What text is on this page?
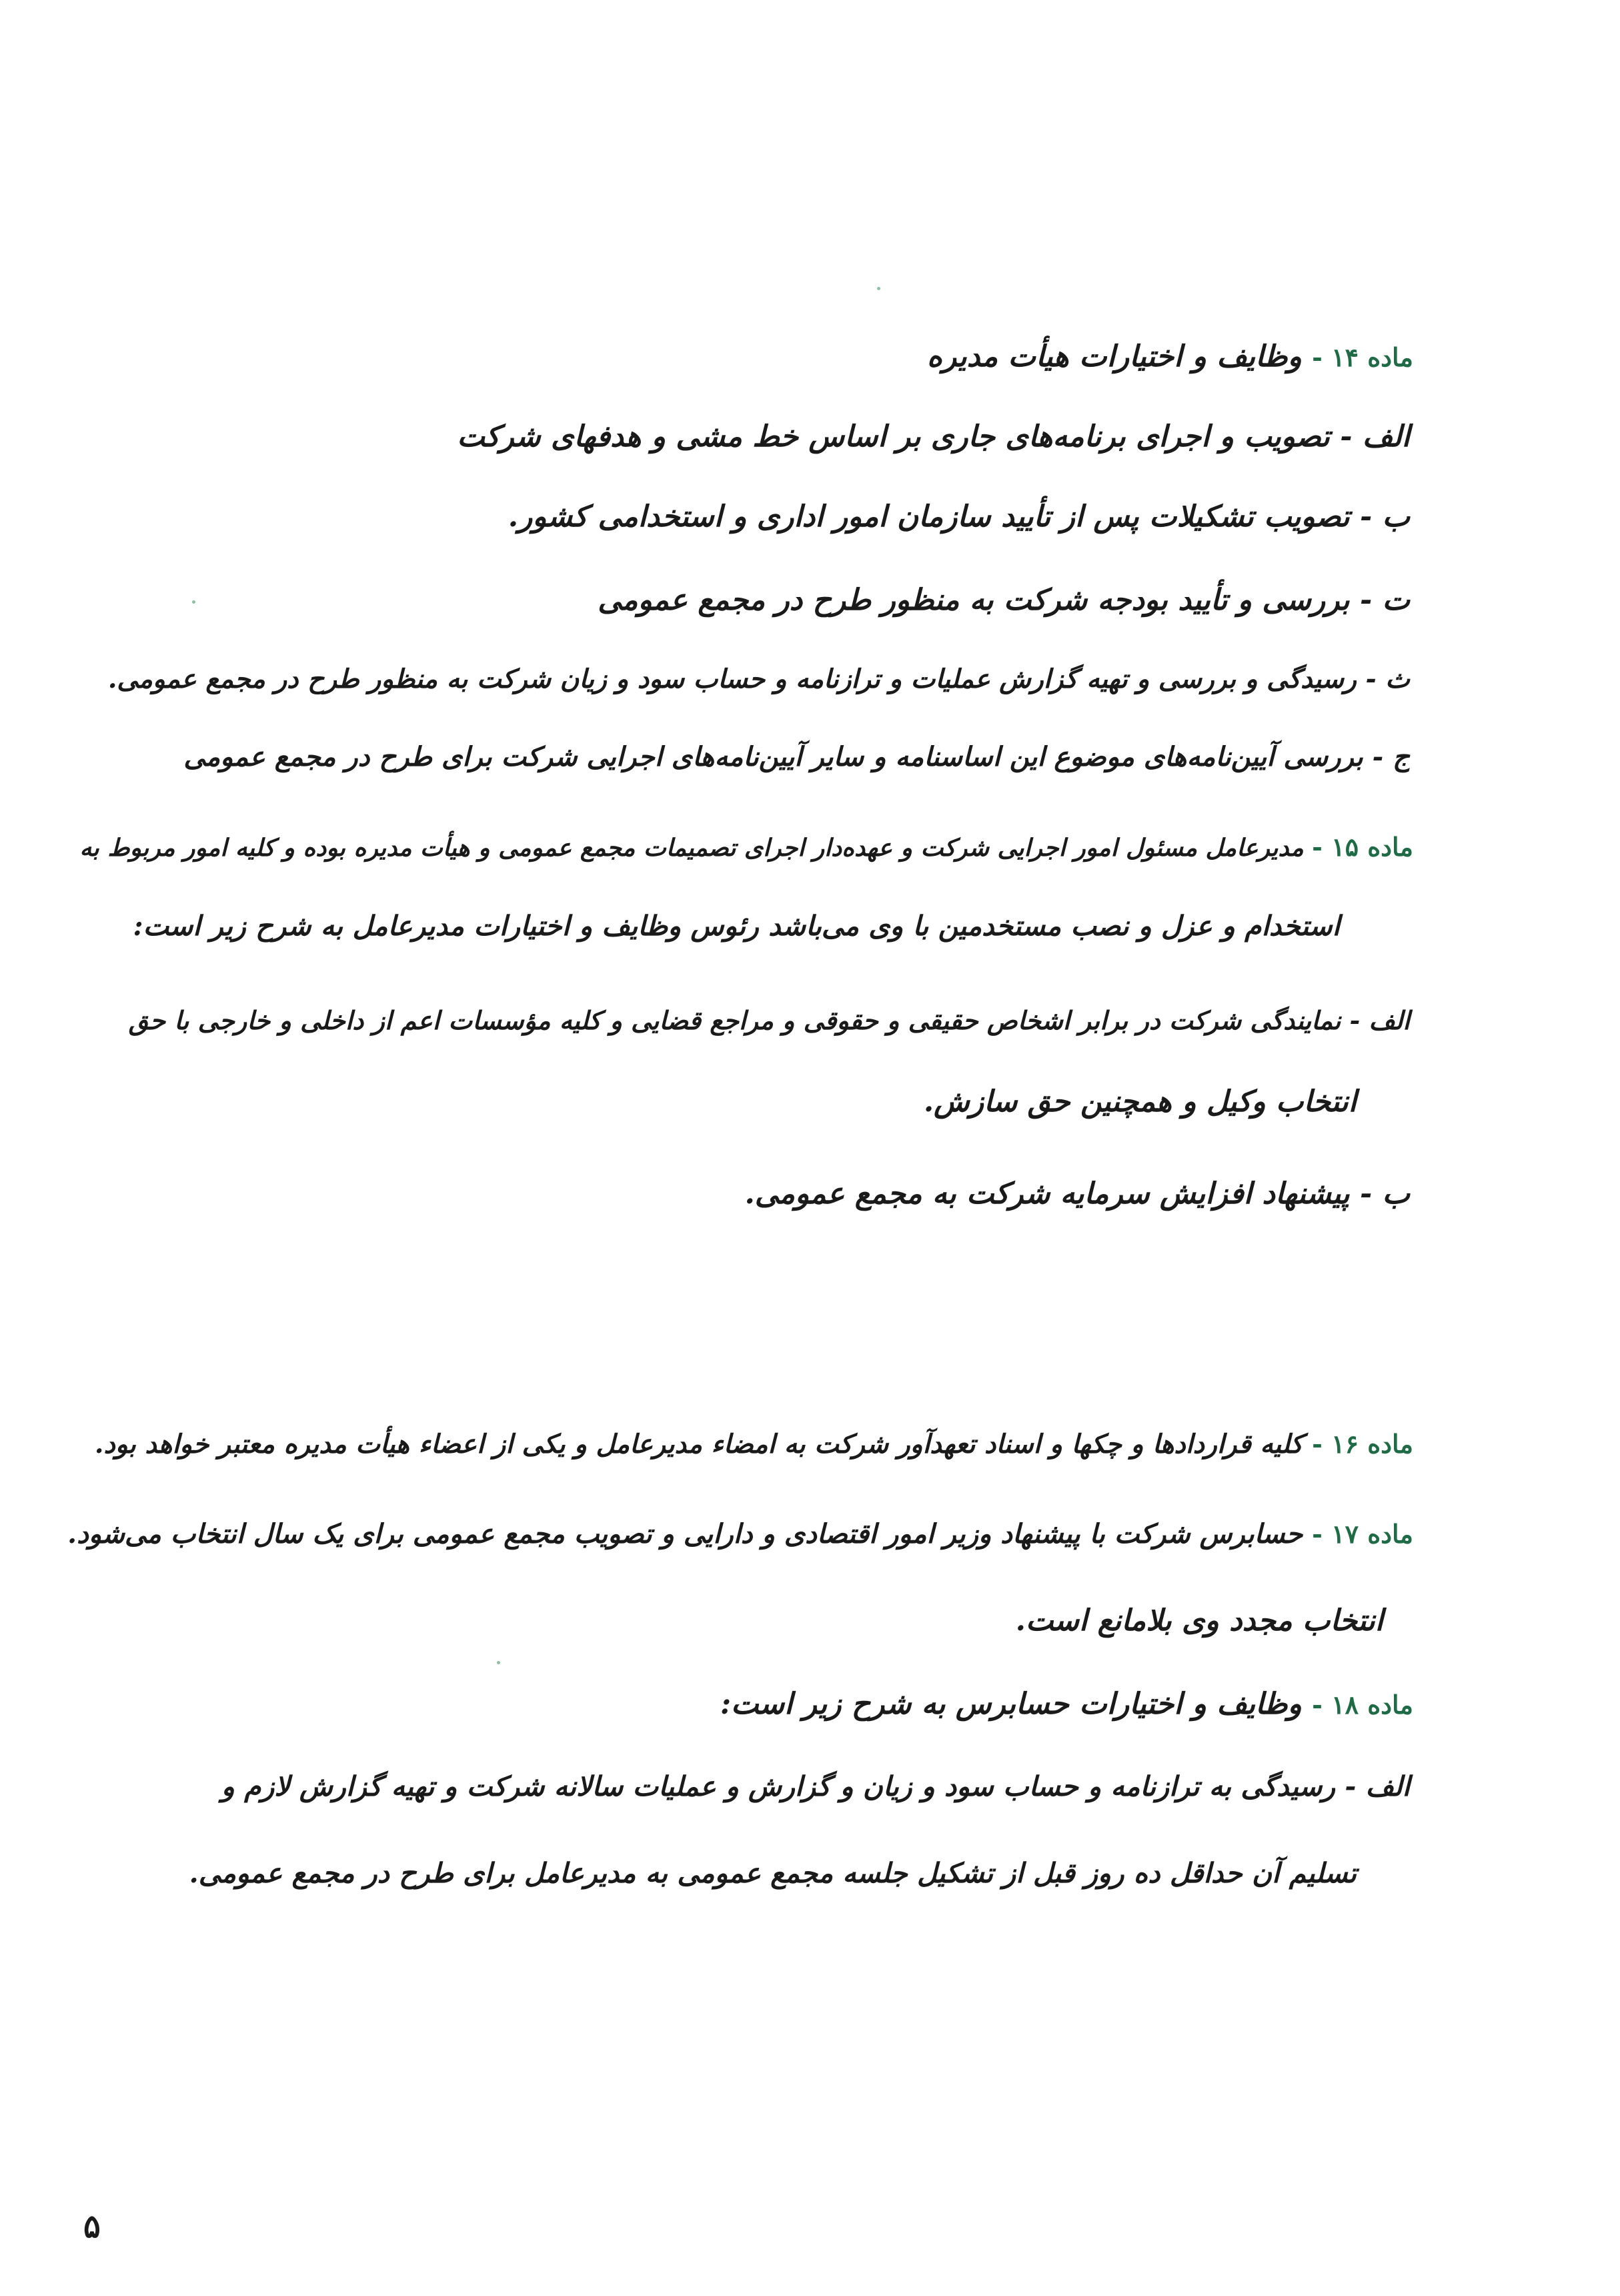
ماده ١۴ - وظایف و اختیارات هیأت مدیره
الف - تصویب و اجرای برنامه‌های جاری بر اساس خط مشی و هدفهای شرکت
ب - تصویب تشکیلات پس از تأیید سازمان امور اداری و استخدامی کشور.
ت - بررسی و تأیید بودجه شرکت به منظور طرح در مجمع عمومی
ث - رسیدگی و بررسی و تهیه گزارش عملیات و ترازنامه و حساب سود و زیان شرکت به منظور طرح در مجمع عمومی.
ج - بررسی آیین‌نامه‌های موضوع این اساسنامه و سایر آیین‌نامه‌های اجرایی شرکت برای طرح در مجمع عمومی
ماده ١۵ - مدیرعامل مسئول امور اجرایی شرکت و عهده‌دار اجرای تصمیمات مجمع عمومی و هیأت مدیره بوده و کلیه امور مربوط به
استخدام و عزل و نصب مستخدمین با وی می‌باشد رئوس وظایف و اختیارات مدیرعامل به شرح زیر است:
الف - نمایندگی شرکت در برابر اشخاص حقیقی و حقوقی و مراجع قضایی و کلیه مؤسسات اعم از داخلی و خارجی با حق
انتخاب وکیل و همچنین حق سازش.
ب - پیشنهاد افزایش سرمایه شرکت به مجمع عمومی.
ماده ١۶ - کلیه قراردادها و چکها و اسناد تعهدآور شرکت به امضاء مدیرعامل و یکی از اعضاء هیأت مدیره معتبر خواهد بود.
ماده ١٧ - حسابرس شرکت با پیشنهاد وزیر امور اقتصادی و دارایی و تصویب مجمع عمومی برای یک سال انتخاب می‌شود.
انتخاب مجدد وی بلامانع است.
ماده ١٨ - وظایف و اختیارات حسابرس به شرح زیر است:
الف - رسیدگی به ترازنامه و حساب سود و زیان و گزارش و عملیات سالانه شرکت و تهیه گزارش لازم و
تسلیم آن حداقل ده روز قبل از تشکیل جلسه مجمع عمومی به مدیرعامل برای طرح در مجمع عمومی.
۵
